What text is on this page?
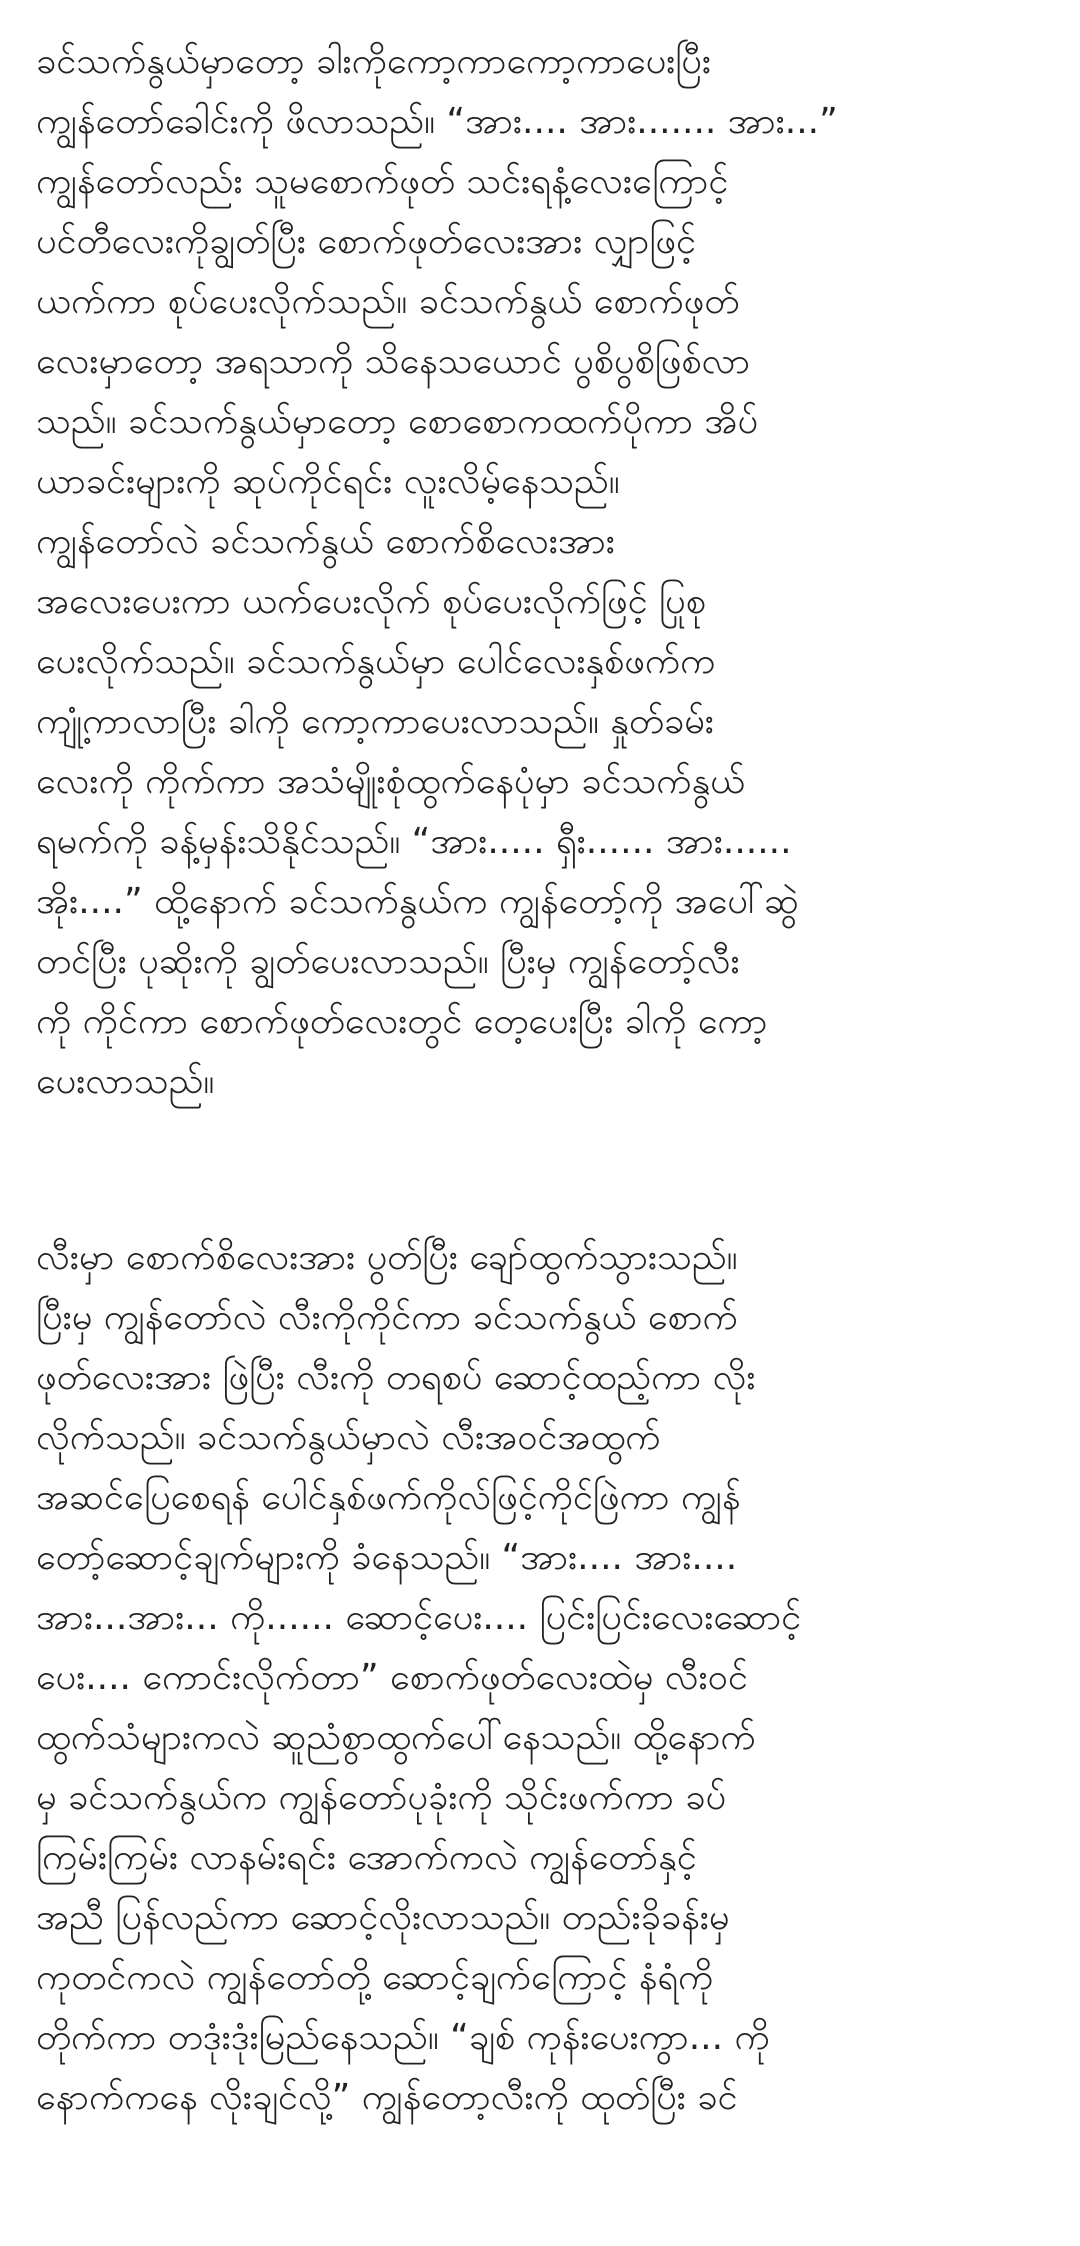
ခင်သက်နွယ်မှာတော့ ခါးကိုကော့ကာကော့ကာပေးပြီး
ကျွန်တော်ခေါင်းကို ဖိလာသည်။ “အား.... အား....... အား...”
ကျွန်တော်လည်း သူမစောက်ဖုတ် သင်းရနံ့လေးကြောင့်
ပင်တီလေးကိုချွတ်ပြီး စောက်ဖုတ်လေးအား လျှာဖြင့်
ယက်ကာ စုပ်ပေးလိုက်သည်။ ခင်သက်နွယ် စောက်ဖုတ်
လေးမှာတော့ အရသာကို သိနေသယောင် ပွစိပွစိဖြစ်လာ
သည်။ ခင်သက်နွယ်မှာတော့ စောစောကထက်ပိုကာ အိပ်
ယာခင်းများကို ဆုပ်ကိုင်ရင်း လူးလိမ့်နေသည်။
ကျွန်တော်လဲ ခင်သက်နွယ် စောက်စိလေးအား
အလေးပေးကာ ယက်ပေးလိုက် စုပ်ပေးလိုက်ဖြင့် ပြုစု
ပေးလိုက်သည်။ ခင်သက်နွယ်မှာ ပေါင်လေးနှစ်ဖက်က
ကျုံ့ကာလာပြီး ခါကို ကော့ကာပေးလာသည်။ နှုတ်ခမ်း
လေးကို ကိုက်ကာ အသံမျိုးစုံထွက်နေပုံမှာ ခင်သက်နွယ်
ရမက်ကို ခန့်မှန်းသိနိုင်သည်။ “အား..... ရှီး...... အား......
အိုး....” ထို့နောက် ခင်သက်နွယ်က ကျွန်တော့်ကို အပေါ်ဆွဲ
တင်ပြီး ပုဆိုးကို ချွတ်ပေးလာသည်။ ပြီးမှ ကျွန်တော့်လီး
ကို ကိုင်ကာ စောက်ဖုတ်လေးတွင် တေ့ပေးပြီး ခါကို ကော့
ပေးလာသည်။
လီးမှာ စောက်စိလေးအား ပွတ်ပြီး ချော်ထွက်သွားသည်။
ပြီးမှ ကျွန်တော်လဲ လီးကိုကိုင်ကာ ခင်သက်နွယ် စောက်
ဖုတ်လေးအား ဖြဲပြီး လီးကို တရစပ် ဆောင့်ထည့်ကာ လိုး
လိုက်သည်။ ခင်သက်နွယ်မှာလဲ လီးအဝင်အထွက်
အဆင်ပြေစေရန် ပေါင်နှစ်ဖက်ကိုလ်ဖြင့်ကိုင်ဖြဲကာ ကျွန်
တော့်ဆောင့်ချက်များကို ခံနေသည်။ “အား.... အား....
အား...အား... ကို...... ဆောင့်ပေး.... ပြင်းပြင်းလေးဆောင့်
ပေး.... ကောင်းလိုက်တာ” စောက်ဖုတ်လေးထဲမှ လီးဝင်
ထွက်သံများကလဲ ဆူညံစွာထွက်ပေါ်နေသည်။ ထို့နောက်
မှ ခင်သက်နွယ်က ကျွန်တော်ပုခုံးကို သိုင်းဖက်ကာ ခပ်
ကြမ်းကြမ်း လာနမ်းရင်း အောက်ကလဲ ကျွန်တော်နှင့်
အညီ ပြန်လည်ကာ ဆောင့်လိုးလာသည်။ တည်းခိုခန်းမှ
ကုတင်ကလဲ ကျွန်တော်တို့ ဆောင့်ချက်ကြောင့် နံရံကို
တိုက်ကာ တဒုံးဒုံးမြည်နေသည်။ “ချစ် ကုန်းပေးကွာ... ကို
နောက်ကနေ လိုးချင်လို့” ကျွန်တော့လီးကို ထုတ်ပြီး ခင်
